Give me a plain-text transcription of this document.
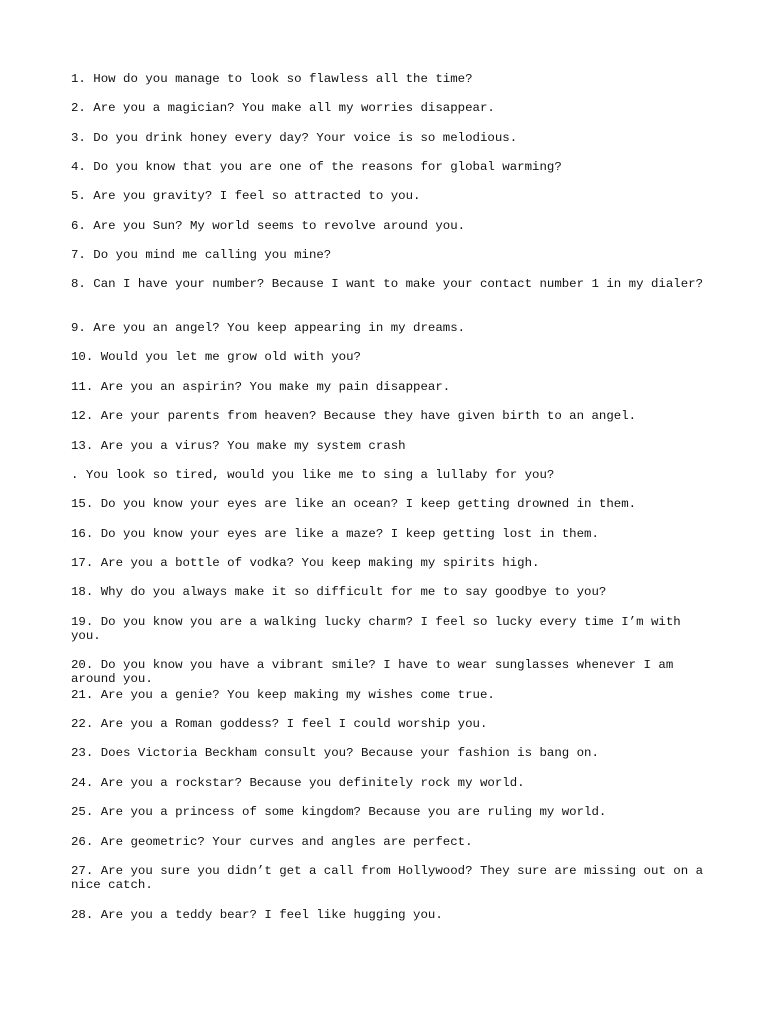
1. How do you manage to look so flawless all the time?

2. Are you a magician? You make all my worries disappear.

3. Do you drink honey every day? Your voice is so melodious.

4. Do you know that you are one of the reasons for global warming?

5. Are you gravity? I feel so attracted to you.

6. Are you Sun? My world seems to revolve around you.

7. Do you mind me calling you mine?

8. Can I have your number? Because I want to make your contact number 1 in my dialer?

9. Are you an angel? You keep appearing in my dreams.

10. Would you let me grow old with you?

11. Are you an aspirin? You make my pain disappear.

12. Are your parents from heaven? Because they have given birth to an angel.

13. Are you a virus? You make my system crash

. You look so tired, would you like me to sing a lullaby for you?

15. Do you know your eyes are like an ocean? I keep getting drowned in them.

16. Do you know your eyes are like a maze? I keep getting lost in them.

17. Are you a bottle of vodka? You keep making my spirits high.

18. Why do you always make it so difficult for me to say goodbye to you?

19. Do you know you are a walking lucky charm? I feel so lucky every time I’m with you.

20. Do you know you have a vibrant smile? I have to wear sunglasses whenever I am around you.

21. Are you a genie? You keep making my wishes come true.

22. Are you a Roman goddess? I feel I could worship you.

23. Does Victoria Beckham consult you? Because your fashion is bang on.

24. Are you a rockstar? Because you definitely rock my world.

25. Are you a princess of some kingdom? Because you are ruling my world.

26. Are geometric? Your curves and angles are perfect.

27. Are you sure you didn’t get a call from Hollywood? They sure are missing out on a nice catch.

28. Are you a teddy bear? I feel like hugging you.
